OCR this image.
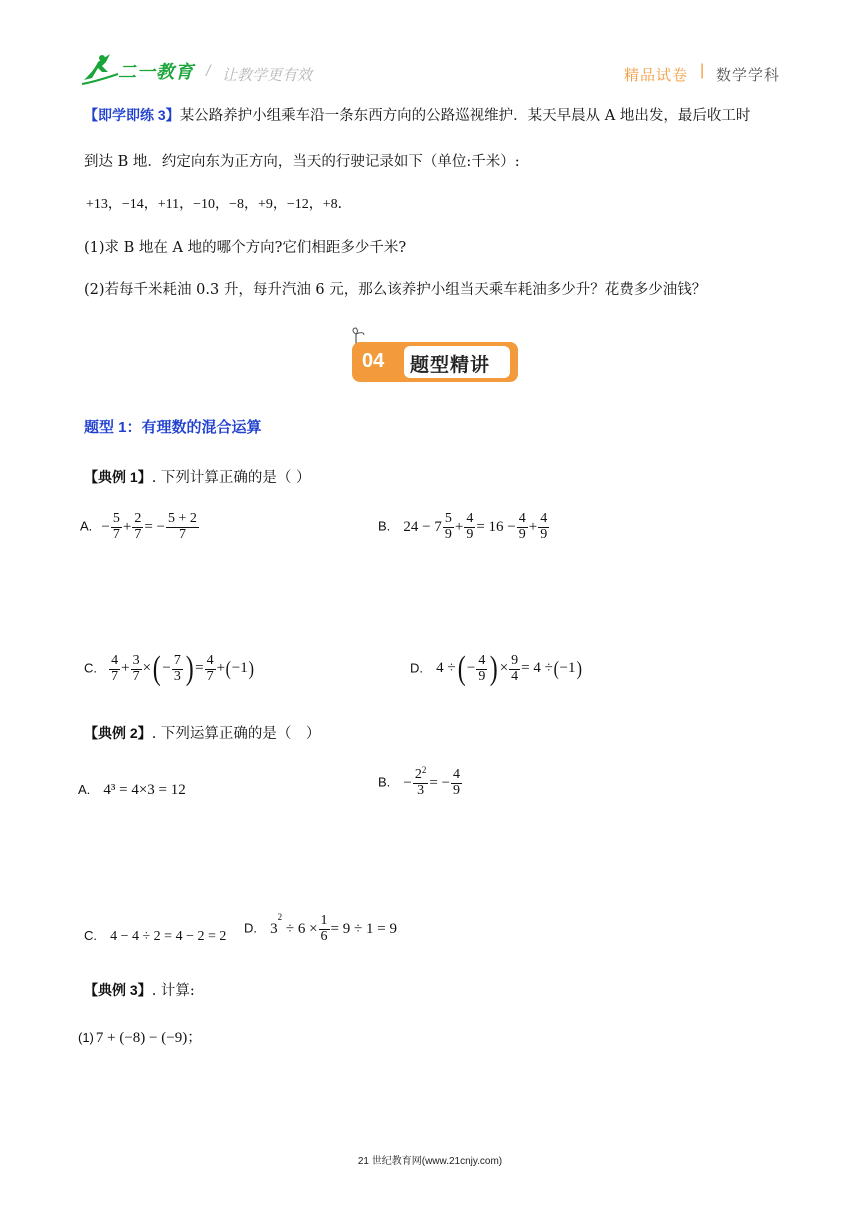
二一教育 / 让教学更有效	精品试卷 | 数学学科
【即学即练 3】某公路养护小组乘车沿一条东西方向的公路巡视维护．某天早晨从 A 地出发，最后收工时
到达 B 地．约定向东为正方向，当天的行驶记录如下（单位:千米）:
+13，−14，+11，−10，−8，+9，−12，+8．
(1)求 B 地在 A 地的哪个方向?它们相距多少千米?
(2)若每千米耗油 0.3 升，每升汽油 6 元，那么该养护小组当天乘车耗油多少升？花费多少油钱？
04 题型精讲
题型 1：有理数的混合运算
【典例 1】. 下列计算正确的是（ ）
A. − $\frac{5}{7} + \frac{2}{7}$ = − $\frac{5 + 2}{7}$	B. $24 - 7 \frac{5}{9} + \frac{4}{9} = 16 - \frac{4}{9} + \frac{4}{9}$
C. $\frac{4}{7} + \frac{3}{7}$ ×( − $\frac{7}{3}$ ) = $\frac{4}{7} +(-1)$	D. 4 ÷( − $\frac{4}{9}$ ) × $\frac{9}{4} = 4 \div(-1)$
【典例 2】. 下列运算正确的是（　）
A. 4³ = 4×3 = 12	B. − $\frac{2^2}{3}$ = − $\frac{4}{9}$
C. 4 − 4 ÷ 2 = 4 − 2 = 2
D. $3^2 \div 6 \times \frac{1}{6} = 9 \div 1 = 9$
【典例 3】. 计算:
(1) 7 + (−8) − (−9)；
21 世纪教育网(www.21cnjy.com)
